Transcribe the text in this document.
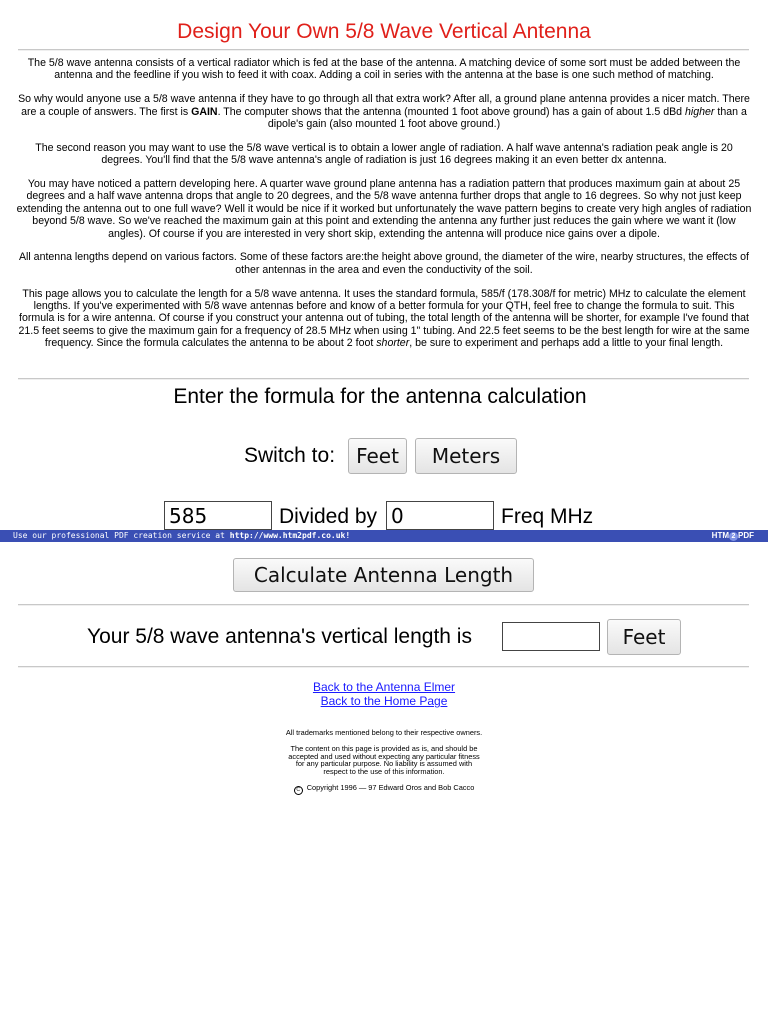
Design Your Own 5/8 Wave Vertical Antenna

The 5/8 wave antenna consists of a vertical radiator which is fed at the base of the antenna. A matching device of some sort must be added between the antenna and the feedline if you wish to feed it with coax. Adding a coil in series with the antenna at the base is one such method of matching.

So why would anyone use a 5/8 wave antenna if they have to go through all that extra work? After all, a ground plane antenna provides a nicer match. There are a couple of answers. The first is GAIN. The computer shows that the antenna (mounted 1 foot above ground) has a gain of about 1.5 dBd higher than a dipole's gain (also mounted 1 foot above ground.)

The second reason you may want to use the 5/8 wave vertical is to obtain a lower angle of radiation. A half wave antenna's radiation peak angle is 20 degrees. You'll find that the 5/8 wave antenna's angle of radiation is just 16 degrees making it an even better dx antenna.

You may have noticed a pattern developing here. A quarter wave ground plane antenna has a radiation pattern that produces maximum gain at about 25 degrees and a half wave antenna drops that angle to 20 degrees, and the 5/8 wave antenna further drops that angle to 16 degrees. So why not just keep extending the antenna out to one full wave? Well it would be nice if it worked but unfortunately the wave pattern begins to create very high angles of radiation beyond 5/8 wave. So we've reached the maximum gain at this point and extending the antenna any further just reduces the gain where we want it (low angles). Of course if you are interested in very short skip, extending the antenna will produce nice gains over a dipole.

All antenna lengths depend on various factors. Some of these factors are:the height above ground, the diameter of the wire, nearby structures, the effects of other antennas in the area and even the conductivity of the soil.

This page allows you to calculate the length for a 5/8 wave antenna. It uses the standard formula, 585/f (178.308/f for metric) MHz to calculate the element lengths. If you've experimented with 5/8 wave antennas before and know of a better formula for your QTH, feel free to change the formula to suit. This formula is for a wire antenna. Of course if you construct your antenna out of tubing, the total length of the antenna will be shorter, for example I've found that 21.5 feet seems to give the maximum gain for a frequency of 28.5 MHz when using 1" tubing. And 22.5 feet seems to be the best length for wire at the same frequency. Since the formula calculates the antenna to be about 2 foot shorter, be sure to experiment and perhaps add a little to your final length.

Enter the formula for the antenna calculation
Switch to:	Feet	Meters
585
Divided by
0	Freq MHz
Use our professional PDF creation service at http://www.htm2pdf.co.uk!	HTM 2 PDF
Calculate Antenna Length
Your 5/8 wave antenna's vertical length is	Feet
Back to the Antenna Elmer
Back to the Home Page

All trademarks mentioned belong to their respective owners.

The content on this page is provided as is, and should be
accepted and used without expecting any particular fitness
for any particular purpose. No liability is assumed with
respect to the use of this information.

C Copyright 1996 — 97 Edward Oros and Bob Cacco
